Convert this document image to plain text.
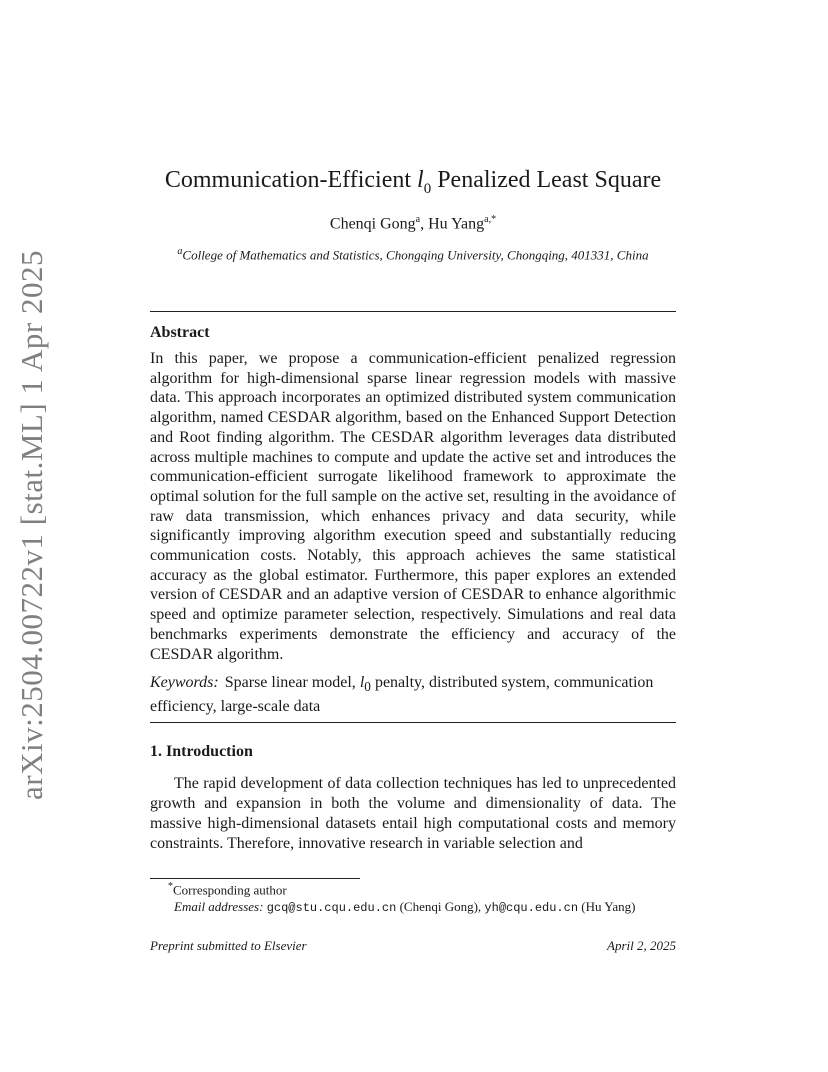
arXiv:2504.00722v1 [stat.ML] 1 Apr 2025
Communication-Efficient $l_0$ Penalized Least Square
Chenqi Gong$^a$, Hu Yang$^{a,*}$
$^a$College of Mathematics and Statistics, Chongqing University, Chongqing, 401331, China
Abstract
In this paper, we propose a communication-efficient penalized regression algorithm for high-dimensional sparse linear regression models with massive data. This approach incorporates an optimized distributed system communication algorithm, named CESDAR algorithm, based on the Enhanced Support Detection and Root finding algorithm. The CESDAR algorithm leverages data distributed across multiple machines to compute and update the active set and introduces the communication-efficient surrogate likelihood framework to approximate the optimal solution for the full sample on the active set, resulting in the avoidance of raw data transmission, which enhances privacy and data security, while significantly improving algorithm execution speed and substantially reducing communication costs. Notably, this approach achieves the same statistical accuracy as the global estimator. Furthermore, this paper explores an extended version of CESDAR and an adaptive version of CESDAR to enhance algorithmic speed and optimize parameter selection, respectively. Simulations and real data benchmarks experiments demonstrate the efficiency and accuracy of the CESDAR algorithm.
Keywords: Sparse linear model, $l_0$ penalty, distributed system, communication efficiency, large-scale data
1. Introduction
The rapid development of data collection techniques has led to unprecedented growth and expansion in both the volume and dimensionality of data. The massive high-dimensional datasets entail high computational costs and memory constraints. Therefore, innovative research in variable selection and
*Corresponding author
Email addresses: gcq@stu.cqu.edu.cn (Chenqi Gong), yh@cqu.edu.cn (Hu Yang)
Preprint submitted to Elsevier	April 2, 2025
